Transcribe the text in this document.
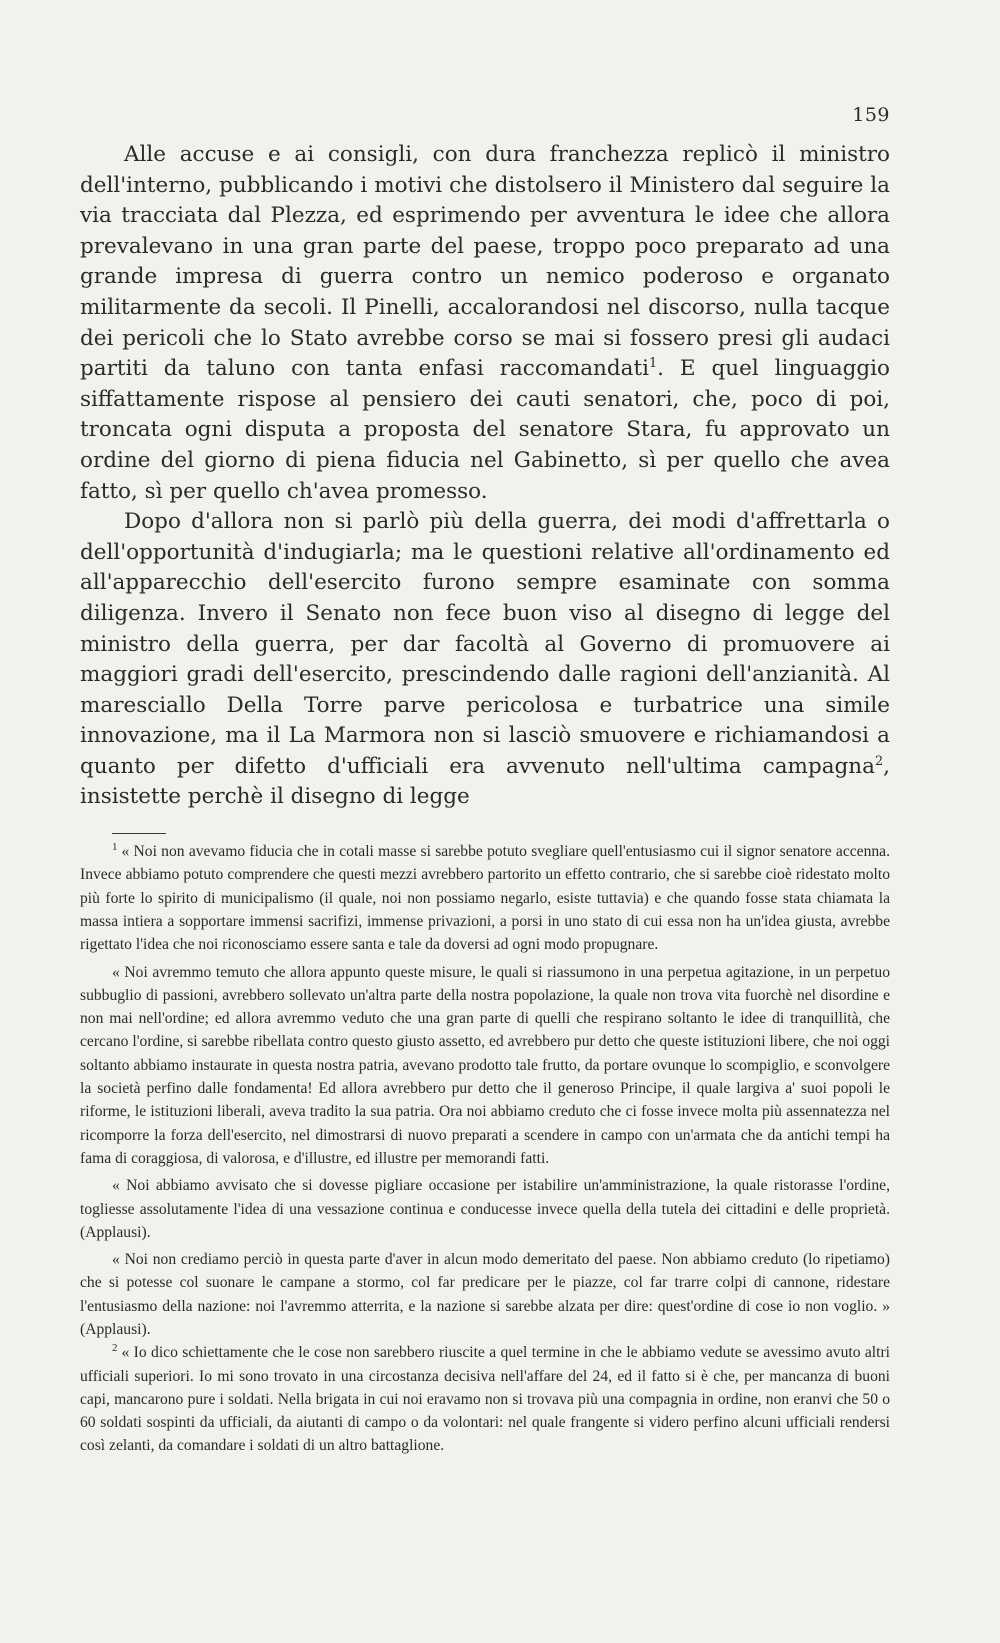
159

Alle accuse e ai consigli, con dura franchezza replicò il ministro dell'interno, pubblicando i motivi che distolsero il Ministero dal seguire la via tracciata dal Plezza, ed esprimendo per avventura le idee che allora prevalevano in una gran parte del paese, troppo poco preparato ad una grande impresa di guerra contro un nemico poderoso e organato militarmente da secoli. Il Pinelli, accalorandosi nel discorso, nulla tacque dei pericoli che lo Stato avrebbe corso se mai si fossero presi gli audaci partiti da taluno con tanta enfasi raccomandati$^1$. E quel linguaggio siffattamente rispose al pensiero dei cauti senatori, che, poco di poi, troncata ogni disputa a proposta del senatore Stara, fu approvato un ordine del giorno di piena fiducia nel Gabinetto, sì per quello che avea fatto, sì per quello ch'avea promesso.

Dopo d'allora non si parlò più della guerra, dei modi d'affrettarla o dell'opportunità d'indugiarla; ma le questioni relative all'ordinamento ed all'apparecchio dell'esercito furono sempre esaminate con somma diligenza. Invero il Senato non fece buon viso al disegno di legge del ministro della guerra, per dar facoltà al Governo di promuovere ai maggiori gradi dell'esercito, prescindendo dalle ragioni dell'anzianità. Al maresciallo Della Torre parve pericolosa e turbatrice una simile innovazione, ma il La Marmora non si lasciò smuovere e richiamandosi a quanto per difetto d'ufficiali era avvenuto nell'ultima campagna$^2$, insistette perchè il disegno di legge

$^1$ « Noi non avevamo fiducia che in cotali masse si sarebbe potuto svegliare quell'entusiasmo cui il signor senatore accenna. Invece abbiamo potuto comprendere che questi mezzi avrebbero partorito un effetto contrario, che si sarebbe cioè ridestato molto più forte lo spirito di municipalismo (il quale, noi non possiamo negarlo, esiste tuttavia) e che quando fosse stata chiamata la massa intiera a sopportare immensi sacrifizi, immense privazioni, a porsi in uno stato di cui essa non ha un'idea giusta, avrebbe rigettato l'idea che noi riconosciamo essere santa e tale da doversi ad ogni modo propugnare.

« Noi avremmo temuto che allora appunto queste misure, le quali si riassumono in una perpetua agitazione, in un perpetuo subbuglio di passioni, avrebbero sollevato un'altra parte della nostra popolazione, la quale non trova vita fuorchè nel disordine e non mai nell'ordine; ed allora avremmo veduto che una gran parte di quelli che respirano soltanto le idee di tranquillità, che cercano l'ordine, si sarebbe ribellata contro questo giusto assetto, ed avrebbero pur detto che queste istituzioni libere, che noi oggi soltanto abbiamo instaurate in questa nostra patria, avevano prodotto tale frutto, da portare ovunque lo scompiglio, e sconvolgere la società perfino dalle fondamenta! Ed allora avrebbero pur detto che il generoso Principe, il quale largiva a' suoi popoli le riforme, le istituzioni liberali, aveva tradito la sua patria. Ora noi abbiamo creduto che ci fosse invece molta più assennatezza nel ricomporre la forza dell'esercito, nel dimostrarsi di nuovo preparati a scendere in campo con un'armata che da antichi tempi ha fama di coraggiosa, di valorosa, e d'illustre, ed illustre per memorandi fatti.

« Noi abbiamo avvisato che si dovesse pigliare occasione per istabilire un'amministrazione, la quale ristorasse l'ordine, togliesse assolutamente l'idea di una vessazione continua e conducesse invece quella della tutela dei cittadini e delle proprietà. (Applausi).

« Noi non crediamo perciò in questa parte d'aver in alcun modo demeritato del paese. Non abbiamo creduto (lo ripetiamo) che si potesse col suonare le campane a stormo, col far predicare per le piazze, col far trarre colpi di cannone, ridestare l'entusiasmo della nazione: noi l'avremmo atterrita, e la nazione si sarebbe alzata per dire: quest'ordine di cose io non voglio. » (Applausi).

$^2$ « Io dico schiettamente che le cose non sarebbero riuscite a quel termine in che le abbiamo vedute se avessimo avuto altri ufficiali superiori. Io mi sono trovato in una circostanza decisiva nell'affare del 24, ed il fatto si è che, per mancanza di buoni capi, mancarono pure i soldati. Nella brigata in cui noi eravamo non si trovava più una compagnia in ordine, non eranvi che 50 o 60 soldati sospinti da ufficiali, da aiutanti di campo o da volontari: nel quale frangente si videro perfino alcuni ufficiali rendersi così zelanti, da comandare i soldati di un altro battaglione.
